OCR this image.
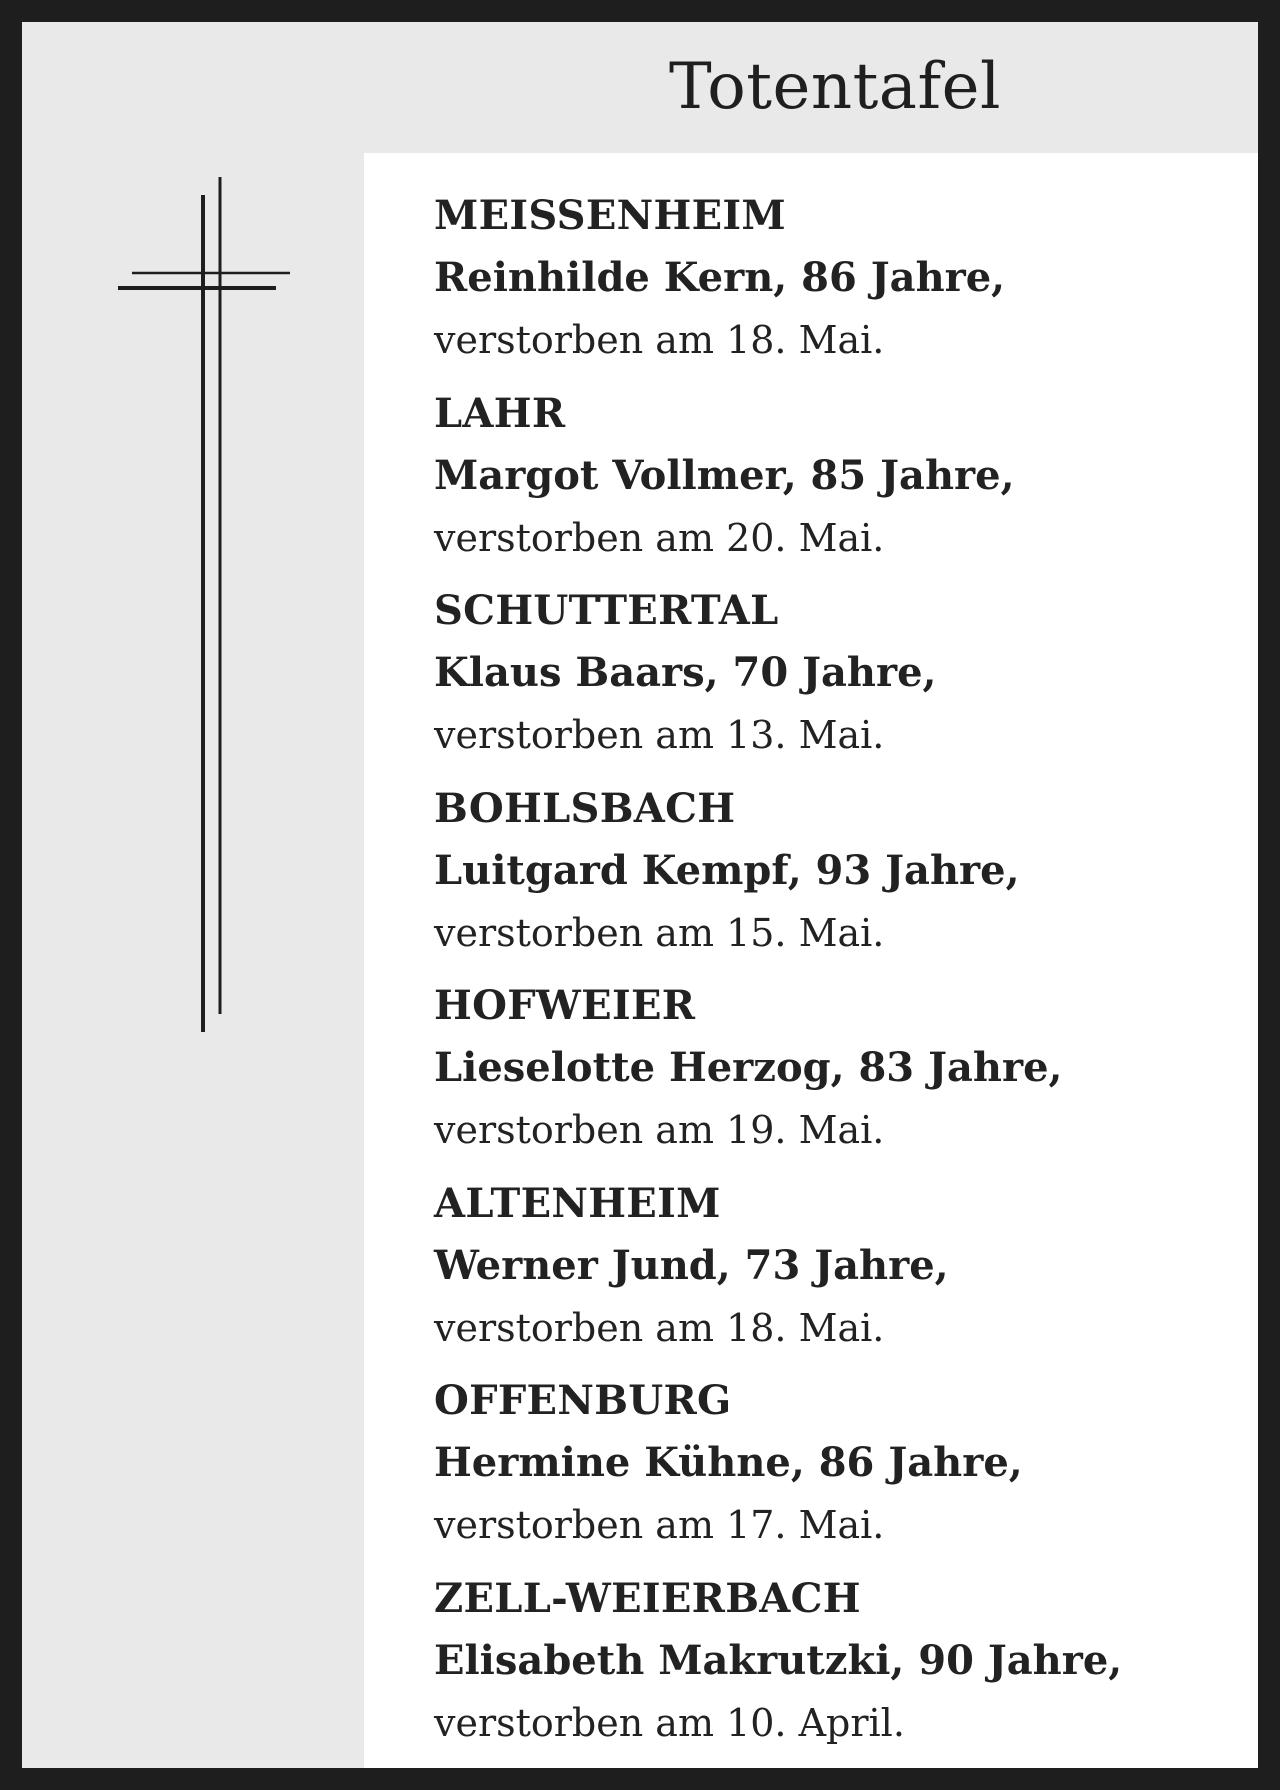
Totentafel
MEISSENHEIM
Reinhilde Kern, 86 Jahre,
verstorben am 18. Mai.
LAHR
Margot Vollmer, 85 Jahre,
verstorben am 20. Mai.
SCHUTTERTAL
Klaus Baars, 70 Jahre,
verstorben am 13. Mai.
BOHLSBACH
Luitgard Kempf, 93 Jahre,
verstorben am 15. Mai.
HOFWEIER
Lieselotte Herzog, 83 Jahre,
verstorben am 19. Mai.
ALTENHEIM
Werner Jund, 73 Jahre,
verstorben am 18. Mai.
OFFENBURG
Hermine Kühne, 86 Jahre,
verstorben am 17. Mai.
ZELL-WEIERBACH
Elisabeth Makrutzki, 90 Jahre,
verstorben am 10. April.
